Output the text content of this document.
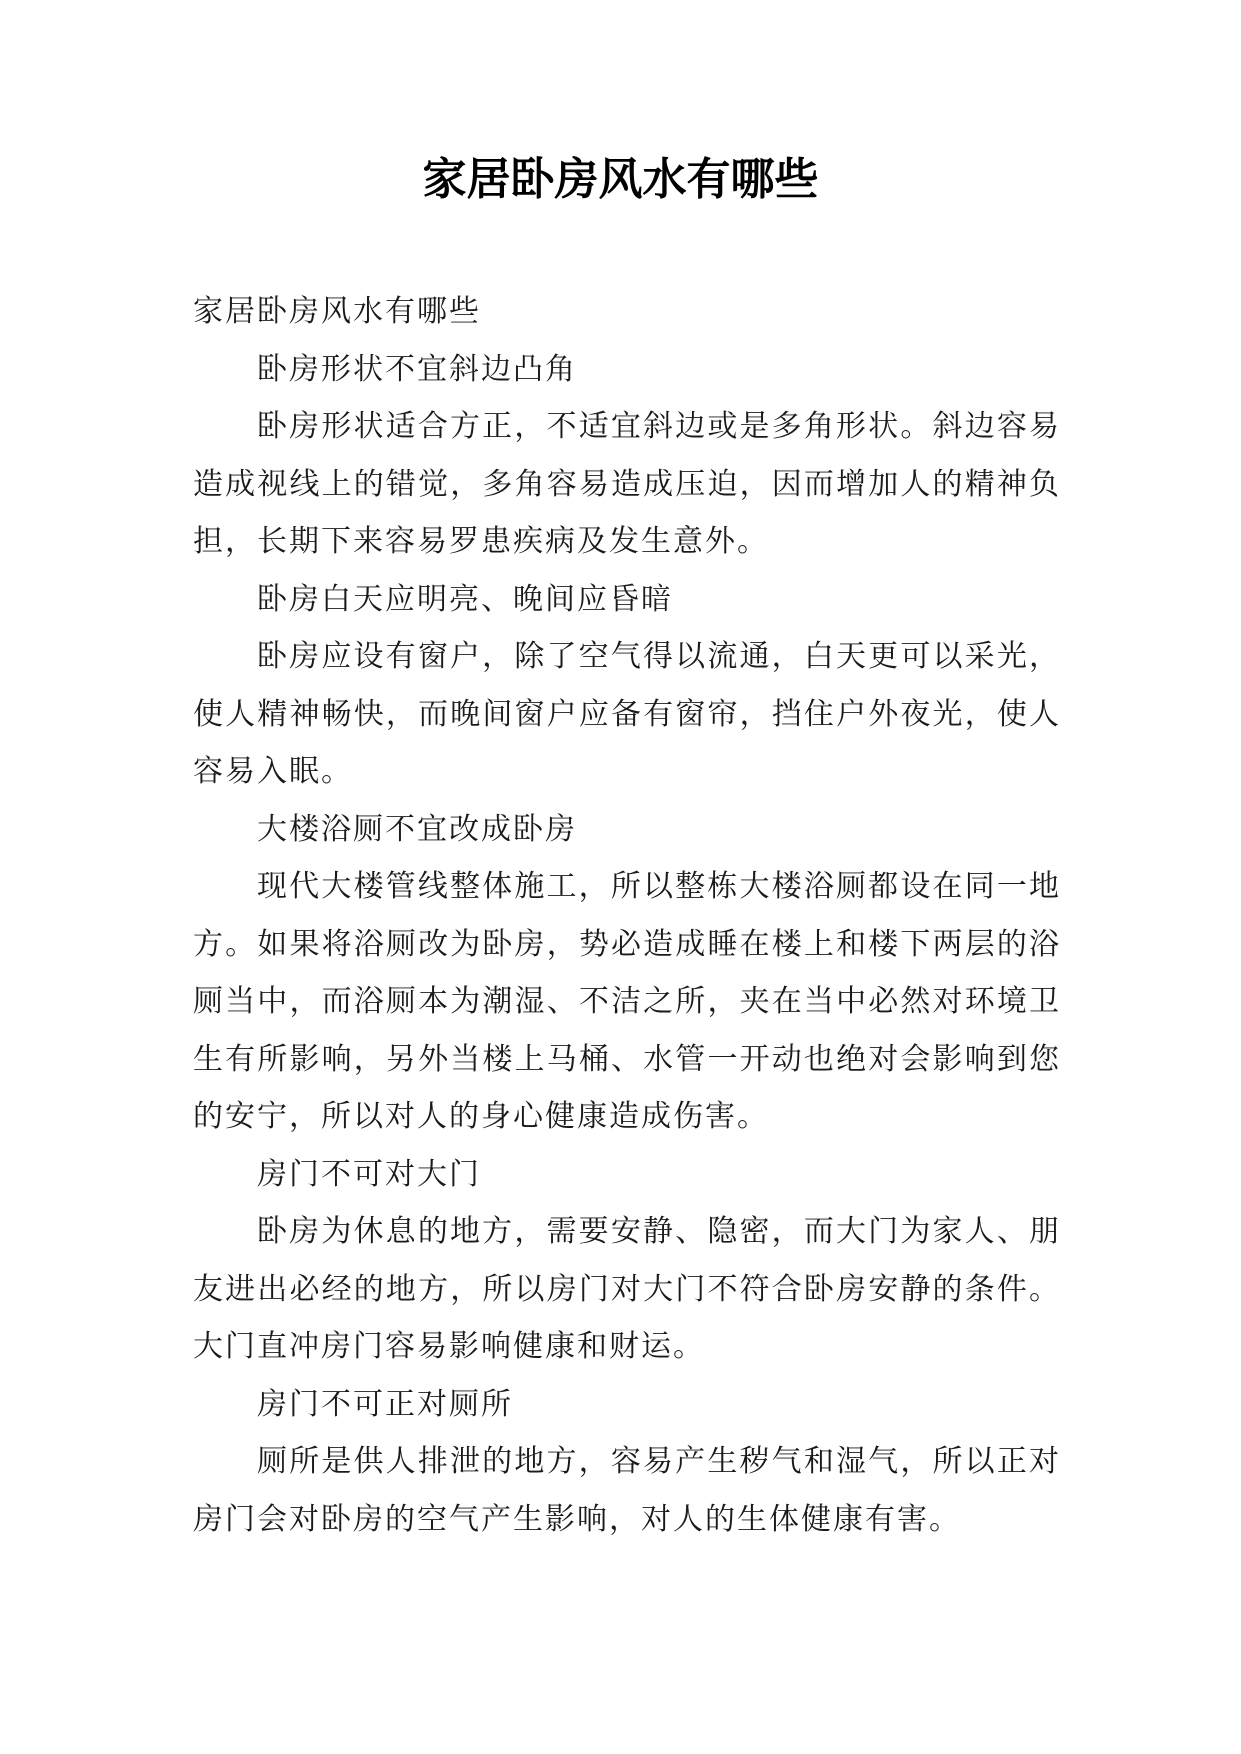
家居卧房风水有哪些

家居卧房风水有哪些

卧房形状不宜斜边凸角

卧房形状适合方正，不适宜斜边或是多角形状。斜边容易造成视线上的错觉，多角容易造成压迫，因而增加人的精神负担，长期下来容易罗患疾病及发生意外。

卧房白天应明亮、晚间应昏暗

卧房应设有窗户，除了空气得以流通，白天更可以采光，使人精神畅快，而晚间窗户应备有窗帘，挡住户外夜光，使人容易入眠。

大楼浴厕不宜改成卧房

现代大楼管线整体施工，所以整栋大楼浴厕都设在同一地方。如果将浴厕改为卧房，势必造成睡在楼上和楼下两层的浴厕当中，而浴厕本为潮湿、不洁之所，夹在当中必然对环境卫生有所影响，另外当楼上马桶、水管一开动也绝对会影响到您的安宁，所以对人的身心健康造成伤害。

房门不可对大门

卧房为休息的地方，需要安静、隐密，而大门为家人、朋友进出必经的地方，所以房门对大门不符合卧房安静的条件。大门直冲房门容易影响健康和财运。

房门不可正对厕所

厕所是供人排泄的地方，容易产生秽气和湿气，所以正对房门会对卧房的空气产生影响，对人的生体健康有害。
